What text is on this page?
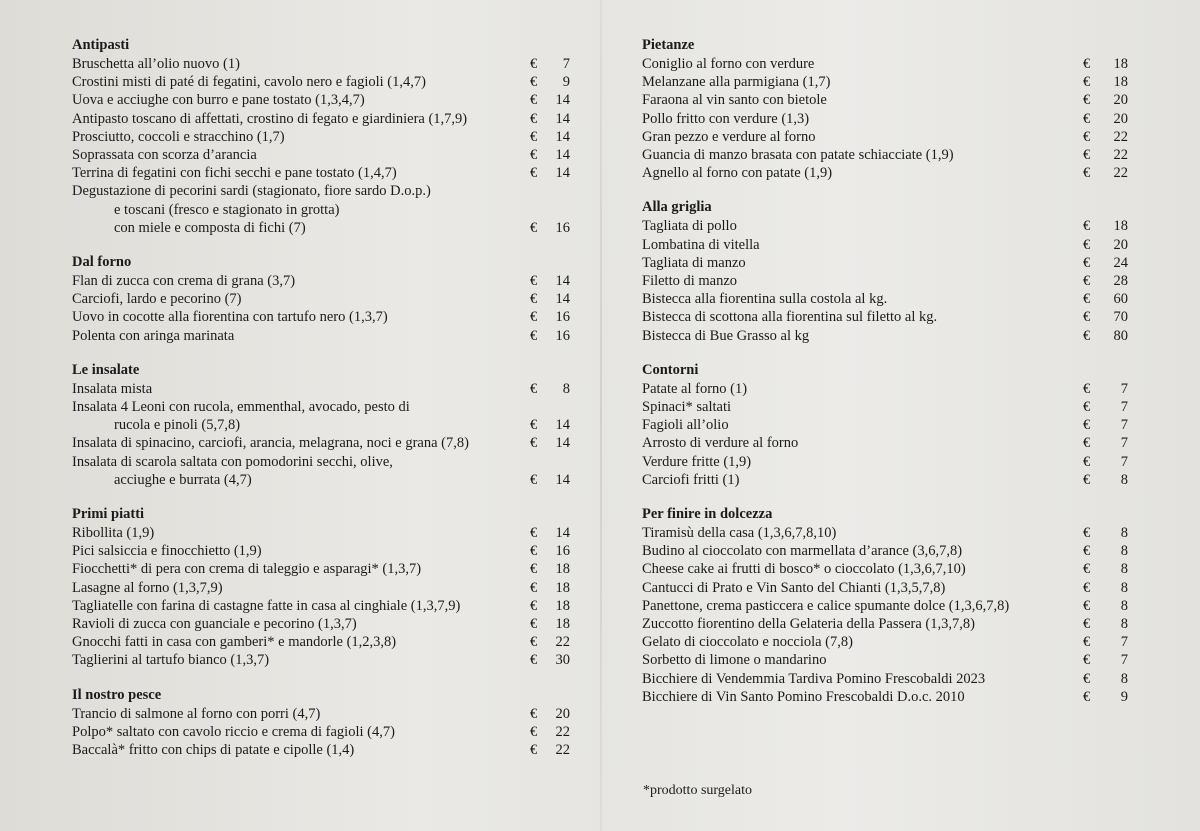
Antipasti
Bruschetta all’olio nuovo (1)	€	7
Crostini misti di paté di fegatini, cavolo nero e fagioli (1,4,7)	€	9
Uova e acciughe con burro e pane tostato (1,3,4,7)	€	14
Antipasto toscano di affettati, crostino di fegato e giardiniera (1,7,9)	€	14
Prosciutto, coccoli e stracchino (1,7)	€	14
Soprassata con scorza d’arancia	€	14
Terrina di fegatini con fichi secchi e pane tostato (1,4,7)	€	14
Degustazione di pecorini sardi (stagionato, fiore sardo D.o.p.)
e toscani (fresco e stagionato in grotta)
con miele e composta di fichi (7)	€	16
Dal forno
Flan di zucca con crema di grana (3,7)	€	14
Carciofi, lardo e pecorino (7)	€	14
Uovo in cocotte alla fiorentina con tartufo nero (1,3,7)	€	16
Polenta con aringa marinata	€	16
Le insalate
Insalata mista	€	8
Insalata 4 Leoni con rucola, emmenthal, avocado, pesto di
rucola e pinoli (5,7,8)	€	14
Insalata di spinacino, carciofi, arancia, melagrana, noci e grana (7,8)	€	14
Insalata di scarola saltata con pomodorini secchi, olive,
acciughe e burrata (4,7)	€	14
Primi piatti
Ribollita (1,9)	€	14
Pici salsiccia e finocchietto (1,9)	€	16
Fiocchetti* di pera con crema di taleggio e asparagi* (1,3,7)	€	18
Lasagne al forno (1,3,7,9)	€	18
Tagliatelle con farina di castagne fatte in casa al cinghiale (1,3,7,9)	€	18
Ravioli di zucca con guanciale e pecorino (1,3,7)	€	18
Gnocchi fatti in casa con gamberi* e mandorle (1,2,3,8)	€	22
Taglierini al tartufo bianco (1,3,7)	€	30
Il nostro pesce
Trancio di salmone al forno con porri (4,7)	€	20
Polpo* saltato con cavolo riccio e crema di fagioli (4,7)	€	22
Baccalà* fritto con chips di patate e cipolle (1,4)	€	22
Pietanze
Coniglio al forno con verdure	€	18
Melanzane alla parmigiana (1,7)	€	18
Faraona al vin santo con bietole	€	20
Pollo fritto con verdure (1,3)	€	20
Gran pezzo e verdure al forno	€	22
Guancia di manzo brasata con patate schiacciate (1,9)	€	22
Agnello al forno con patate (1,9)	€	22
Alla griglia
Tagliata di pollo	€	18
Lombatina di vitella	€	20
Tagliata di manzo	€	24
Filetto di manzo	€	28
Bistecca alla fiorentina sulla costola al kg.	€	60
Bistecca di scottona alla fiorentina sul filetto al kg.	€	70
Bistecca di Bue Grasso al kg	€	80
Contorni
Patate al forno (1)	€	7
Spinaci* saltati	€	7
Fagioli all’olio	€	7
Arrosto di verdure al forno	€	7
Verdure fritte (1,9)	€	7
Carciofi fritti (1)	€	8
Per finire in dolcezza
Tiramisù della casa (1,3,6,7,8,10)	€	8
Budino al cioccolato con marmellata d’arance (3,6,7,8)	€	8
Cheese cake ai frutti di bosco* o cioccolato (1,3,6,7,10)	€	8
Cantucci di Prato e Vin Santo del Chianti (1,3,5,7,8)	€	8
Panettone, crema pasticcera e calice spumante dolce (1,3,6,7,8)	€	8
Zuccotto fiorentino della Gelateria della Passera (1,3,7,8)	€	8
Gelato di cioccolato e nocciola (7,8)	€	7
Sorbetto di limone o mandarino	€	7
Bicchiere di Vendemmia Tardiva Pomino Frescobaldi 2023	€	8
Bicchiere di Vin Santo Pomino Frescobaldi D.o.c. 2010	€	9
*prodotto surgelato
